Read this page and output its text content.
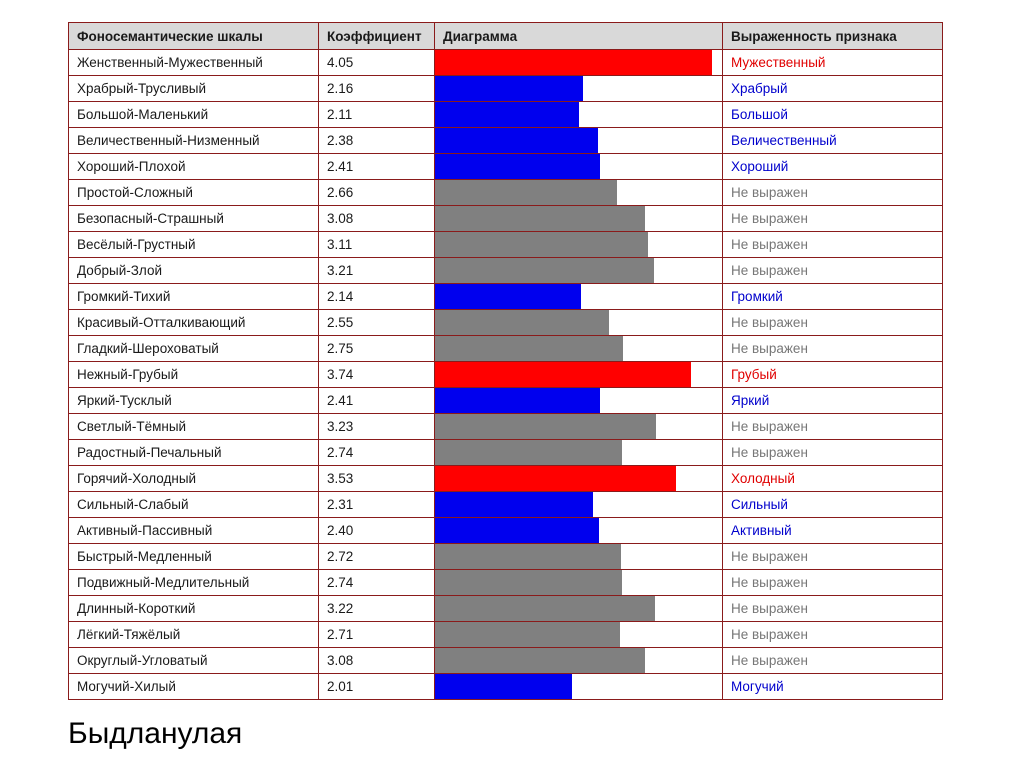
Фоносемантические шкалы	Коэффициент	Диаграмма	Выраженность признака

Женственный-Мужественный	4.05		Мужественный

Храбрый-Трусливый	2.16		Храбрый

Большой-Маленький	2.11		Большой

Величественный-Низменный	2.38		Величественный

Хороший-Плохой	2.41		Хороший

Простой-Сложный	2.66		Не выражен

Безопасный-Страшный	3.08		Не выражен

Весёлый-Грустный	3.11		Не выражен

Добрый-Злой	3.21		Не выражен

Громкий-Тихий	2.14		Громкий

Красивый-Отталкивающий	2.55		Не выражен

Гладкий-Шероховатый	2.75		Не выражен

Нежный-Грубый	3.74		Грубый

Яркий-Тусклый	2.41		Яркий

Светлый-Тёмный	3.23		Не выражен

Радостный-Печальный	2.74		Не выражен

Горячий-Холодный	3.53		Холодный

Сильный-Слабый	2.31		Сильный

Активный-Пассивный	2.40		Активный

Быстрый-Медленный	2.72		Не выражен

Подвижный-Медлительный	2.74		Не выражен

Длинный-Короткий	3.22		Не выражен

Лёгкий-Тяжёлый	2.71		Не выражен

Округлый-Угловатый	3.08		Не выражен

Могучий-Хилый	2.01		Могучий
Быдланулая
